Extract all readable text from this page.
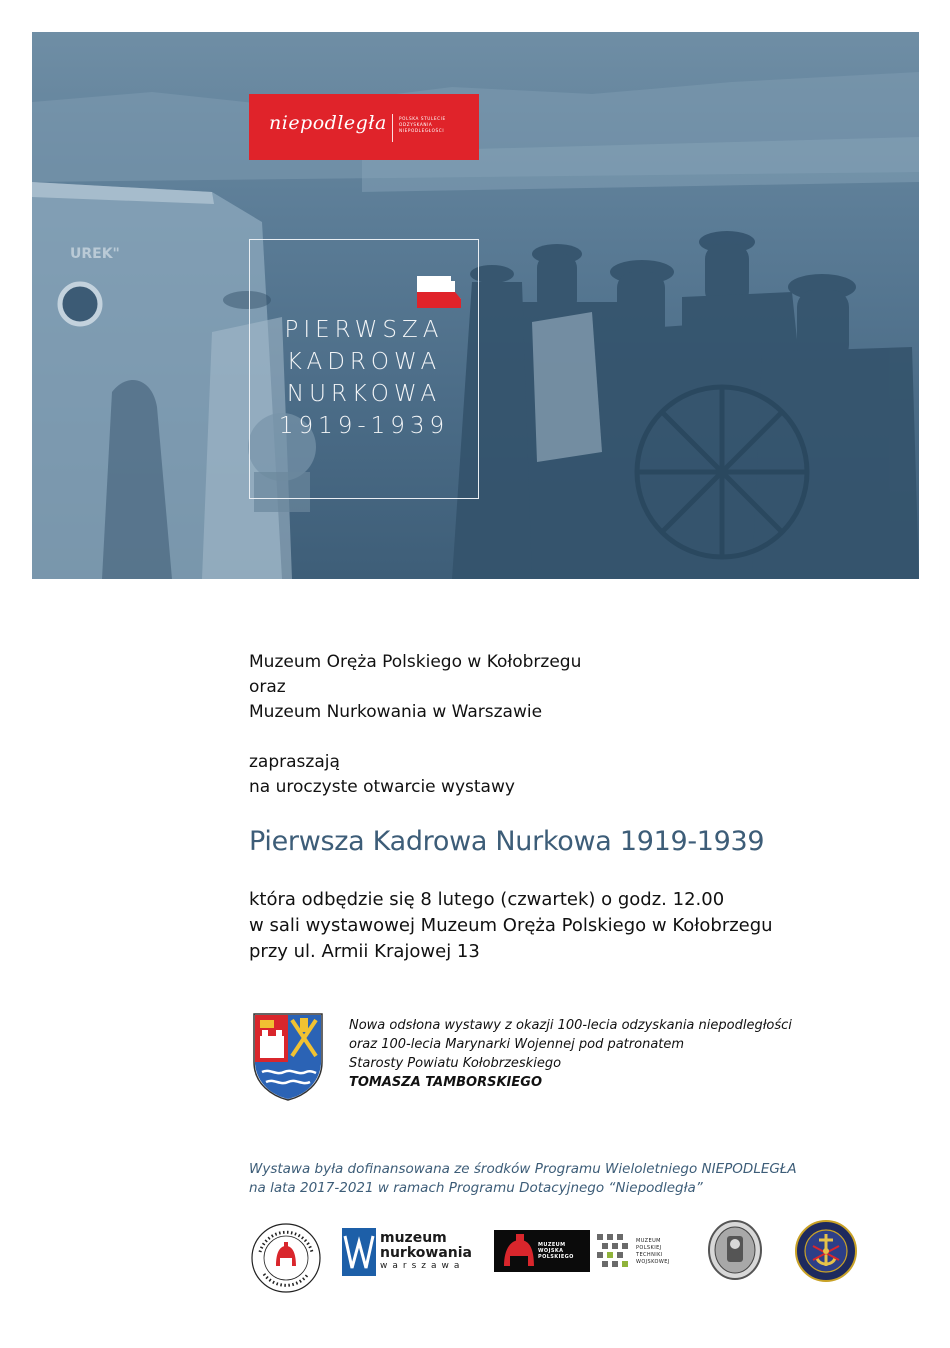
UREK"
niepodległa	POLSKA STULECIE ODZYSKANIA NIEPODLEGŁOŚCI
PIERWSZA
KADROWA
NURKOWA
1919-1939
Muzeum Oręża Polskiego w Kołobrzegu
oraz
Muzeum Nurkowania w Warszawie
zapraszają
na uroczyste otwarcie wystawy
Pierwsza Kadrowa Nurkowa 1919-1939
która odbędzie się 8 lutego (czwartek) o godz. 12.00
w sali wystawowej Muzeum Oręża Polskiego w Kołobrzegu
przy ul. Armii Krajowej 13
Nowa odsłona wystawy z okazji 100-lecia odzyskania niepodległości
oraz 100-lecia Marynarki Wojennej pod patronatem
Starosty Powiatu Kołobrzeskiego
TOMASZA TAMBORSKIEGO
Wystawa była dofinansowana ze środków Programu Wieloletniego NIEPODLEGŁA
na lata 2017-2021 w ramach Programu Dotacyjnego “Niepodległa”
muzeum
nurkowania
warszawa
MUZEUM
WOJSKA
POLSKIEGO
MUZEUM
POLSKIEJ
TECHNIKI
WOJSKOWEJ
